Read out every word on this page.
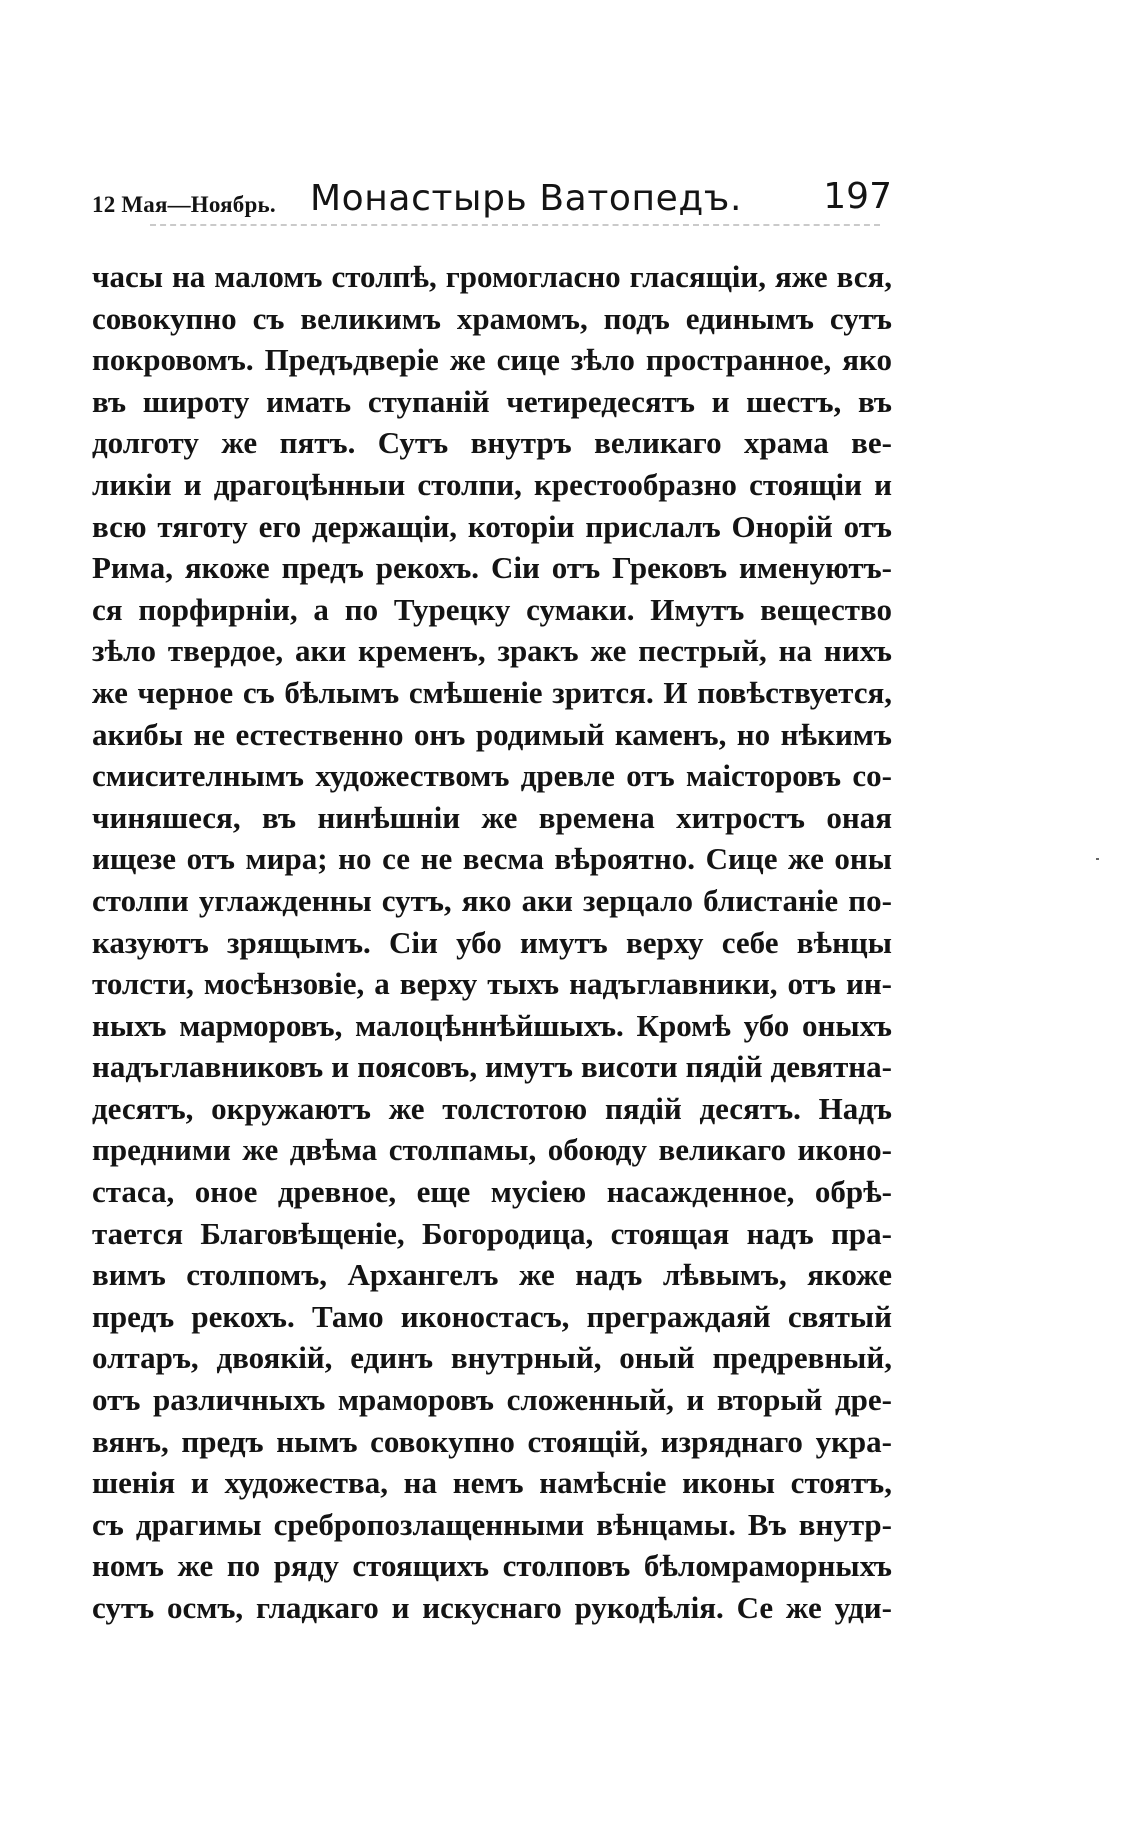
12 Мая—Ноябрь. Монастырь Ватопедъ. 197
часы на маломъ столпѣ, громогласно гласящіи, яже вся,
совокупно съ великимъ храмомъ, подъ единымъ сутъ
покровомъ. Предъдверіе же сице зѣло пространное, яко
въ широту имать ступаній четиредесятъ и шестъ, въ
долготу же пятъ. Сутъ внутръ великаго храма ве-
ликіи и драгоцѣнныи столпи, крестообразно стоящіи и
всю тяготу его держащіи, которіи прислалъ Онорій отъ
Рима, якоже предъ рекохъ. Сіи отъ Грековъ именуютъ-
ся порфирніи, а по Турецку сумаки. Имутъ вещество
зѣло твердое, аки кременъ, зракъ же пестрый, на нихъ
же черное съ бѣлымъ смѣшеніе зрится. И повѣствуется,
акибы не естественно онъ родимый каменъ, но нѣкимъ
смисителнымъ художествомъ древле отъ маісторовъ со-
чиняшеся, въ нинѣшніи же времена хитростъ оная
ищезе отъ мира; но се не весма вѣроятно. Сице же оны
столпи углажденны сутъ, яко аки зерцало блистаніе по-
казуютъ зрящымъ. Сіи убо имутъ верху себе вѣнцы
толсти, мосѣнзовіе, а верху тыхъ надъглавники, отъ ин-
ныхъ марморовъ, малоцѣннѣйшыхъ. Кромѣ убо оныхъ
надъглавниковъ и поясовъ, имутъ висоти пядій девятна-
десятъ, окружаютъ же толстотою пядій десятъ. Надъ
предними же двѣма столпамы, обоюду великаго иконо-
стаса, оное древное, еще мусіею насажденное, обрѣ-
тается Благовѣщеніе, Богородица, стоящая надъ пра-
вимъ столпомъ, Архангелъ же надъ лѣвымъ, якоже
предъ рекохъ. Тамо иконостасъ, преграждаяй святый
олтаръ, двоякій, единъ внутрный, оный предревный,
отъ различныхъ мраморовъ сложенный, и вторый дре-
вянъ, предъ нымъ совокупно стоящій, изряднаго укра-
шенія и художества, на немъ намѣсніе иконы стоятъ,
съ драгимы сребропозлащенными вѣнцамы. Въ внутр-
номъ же по ряду стоящихъ столповъ бѣломраморныхъ
сутъ осмъ, гладкаго и искуснаго рукодѣлія. Се же уди-
